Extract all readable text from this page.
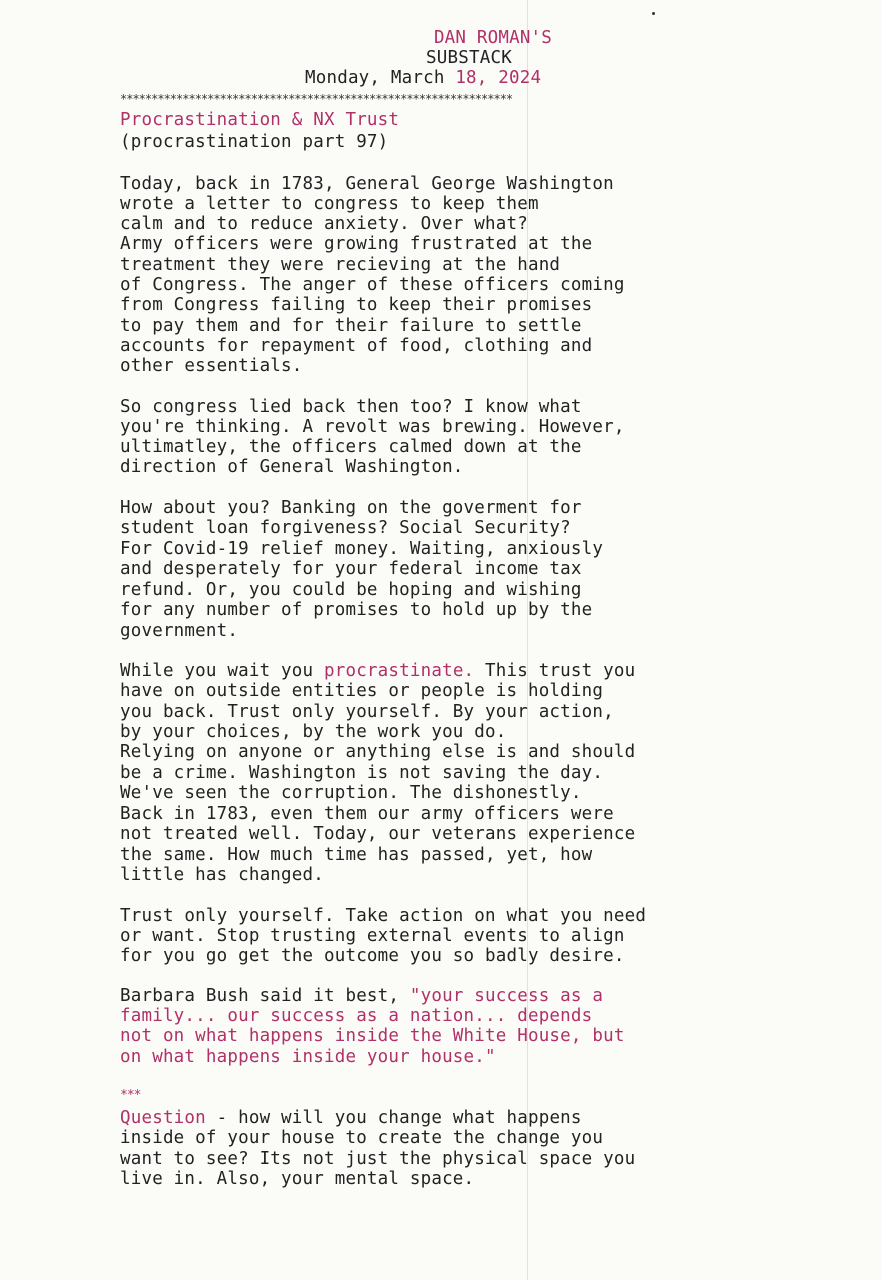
DAN ROMAN'S
SUBSTACK
Monday, March 18, 2024
***************************************************************
Procrastination & NX Trust
(procrastination part 97)
Today, back in 1783, General George Washington
wrote a letter to congress to keep them
calm and to reduce anxiety. Over what?
Army officers were growing frustrated at the
treatment they were recieving at the hand
of Congress. The anger of these officers coming
from Congress failing to keep their promises
to pay them and for their failure to settle
accounts for repayment of food, clothing and
other essentials.
So congress lied back then too? I know what
you're thinking. A revolt was brewing. However,
ultimatley, the officers calmed down at the
direction of General Washington.
How about you? Banking on the goverment for
student loan forgiveness? Social Security?
For Covid-19 relief money. Waiting, anxiously
and desperately for your federal income tax
refund. Or, you could be hoping and wishing
for any number of promises to hold up by the
government.
While you wait you procrastinate. This trust you
have on outside entities or people is holding
you back. Trust only yourself. By your action,
by your choices, by the work you do.
Relying on anyone or anything else is and should
be a crime. Washington is not saving the day.
We've seen the corruption. The dishonestly.
Back in 1783, even them our army officers were
not treated well. Today, our veterans experience
the same. How much time has passed, yet, how
little has changed.
Trust only yourself. Take action on what you need
or want. Stop trusting external events to align
for you go get the outcome you so badly desire.
Barbara Bush said it best, "your success as a
family... our success as a nation... depends
not on what happens inside the White House, but
on what happens inside your house."
***
Question - how will you change what happens
inside of your house to create the change you
want to see? Its not just the physical space you
live in. Also, your mental space.
